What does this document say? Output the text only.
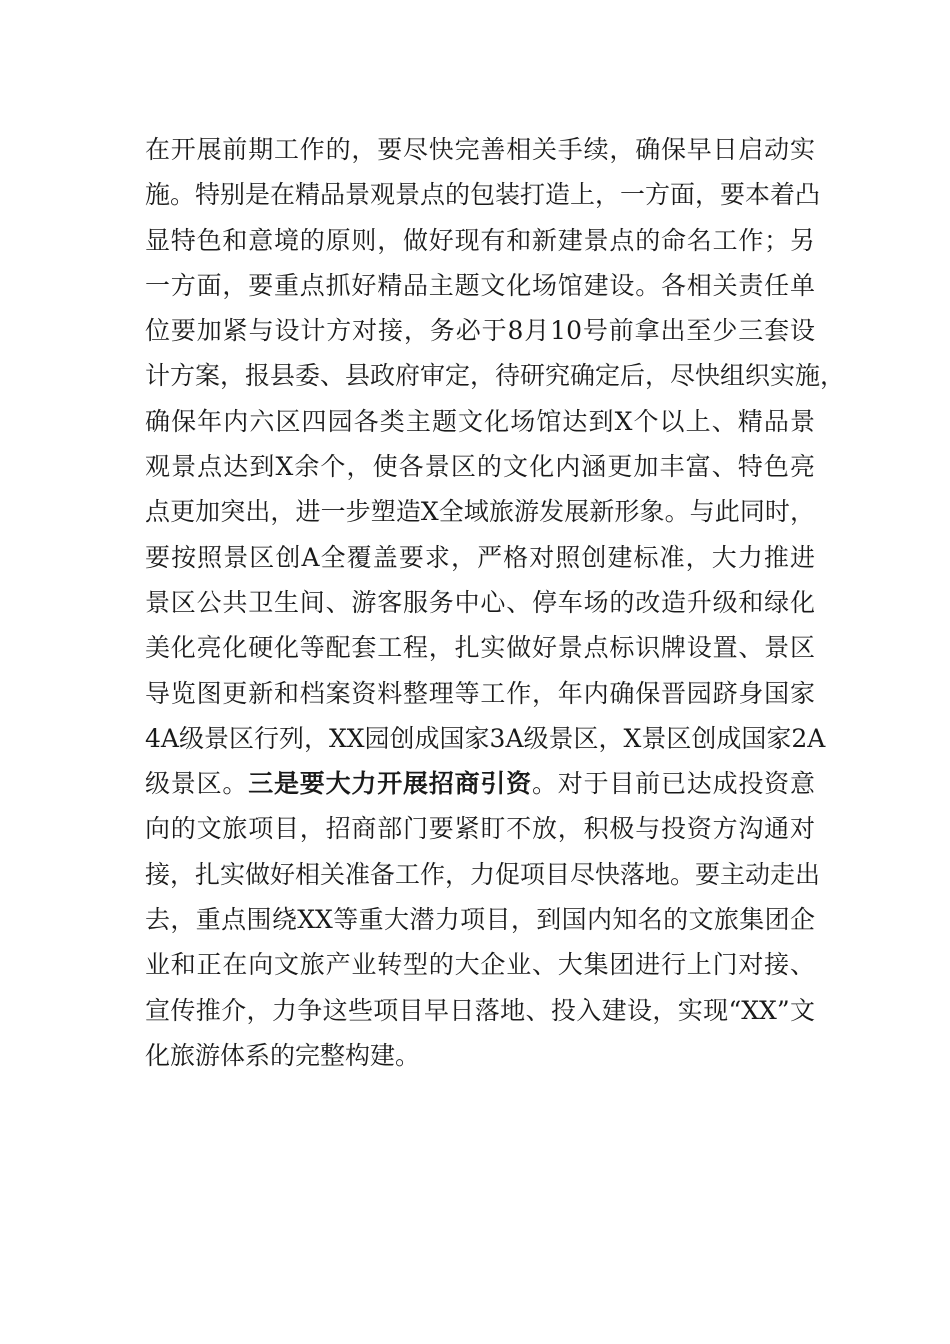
在开展前期工作的，要尽快完善相关手续，确保早日启动实
施。特别是在精品景观景点的包装打造上，一方面，要本着凸
显特色和意境的原则，做好现有和新建景点的命名工作；另
一方面，要重点抓好精品主题文化场馆建设。各相关责任单
位要加紧与设计方对接，务必于8月10号前拿出至少三套设
计方案，报县委、县政府审定，待研究确定后，尽快组织实施，
确保年内六区四园各类主题文化场馆达到X个以上、精品景
观景点达到X余个，使各景区的文化内涵更加丰富、特色亮
点更加突出，进一步塑造X全域旅游发展新形象。与此同时，
要按照景区创A全覆盖要求，严格对照创建标准，大力推进
景区公共卫生间、游客服务中心、停车场的改造升级和绿化
美化亮化硬化等配套工程，扎实做好景点标识牌设置、景区
导览图更新和档案资料整理等工作，年内确保晋园跻身国家
4A级景区行列，XX园创成国家3A级景区，X景区创成国家2A
级景区。三是要大力开展招商引资。对于目前已达成投资意
向的文旅项目，招商部门要紧盯不放，积极与投资方沟通对
接，扎实做好相关准备工作，力促项目尽快落地。要主动走出
去，重点围绕XX等重大潜力项目，到国内知名的文旅集团企
业和正在向文旅产业转型的大企业、大集团进行上门对接、
宣传推介，力争这些项目早日落地、投入建设，实现“XX”文
化旅游体系的完整构建。
